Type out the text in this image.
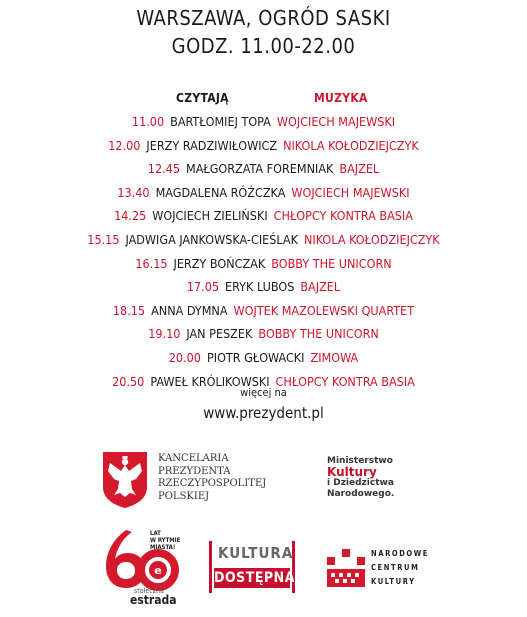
WARSZAWA, OGRÓD SASKI
GODZ. 11.00-22.00
CZYTAJĄ	MUZYKA
11.00 BARTŁOMIEJ TOPA WOJCIECH MAJEWSKI
12.00 JERZY RADZIWIŁOWICZ NIKOLA KOŁODZIEJCZYK
12.45 MAŁGORZATA FOREMNIAK BAJZEL
13.40 MAGDALENA RÓŻCZKA WOJCIECH MAJEWSKI
14.25 WOJCIECH ZIELIŃSKI CHŁOPCY KONTRA BASIA
15.15 JADWIGA JANKOWSKA-CIEŚLAK NIKOLA KOŁODZIEJCZYK
16.15 JERZY BOŃCZAK BOBBY THE UNICORN
17.05 ERYK LUBOS BAJZEL
18.15 ANNA DYMNA WOJTEK MAZOLEWSKI QUARTET
19.10 JAN PESZEK BOBBY THE UNICORN
20.00 PIOTR GŁOWACKI ZIMOWA
20.50 PAWEŁ KRÓLIKOWSKI CHŁOPCY KONTRA BASIA
więcej na
www.prezydent.pl
KANCELARIA
PREZYDENTA
RZECZYPOSPOLITEJ
POLSKIEJ
Ministerstwo
Kultury
i Dziedzictwa
Narodowego.
e
LAT
W RYTMIE
MIASTA!
stołeczna
estrada
KULTURA
DOSTĘPNA
NARODOWE
CENTRUM
KULTURY
